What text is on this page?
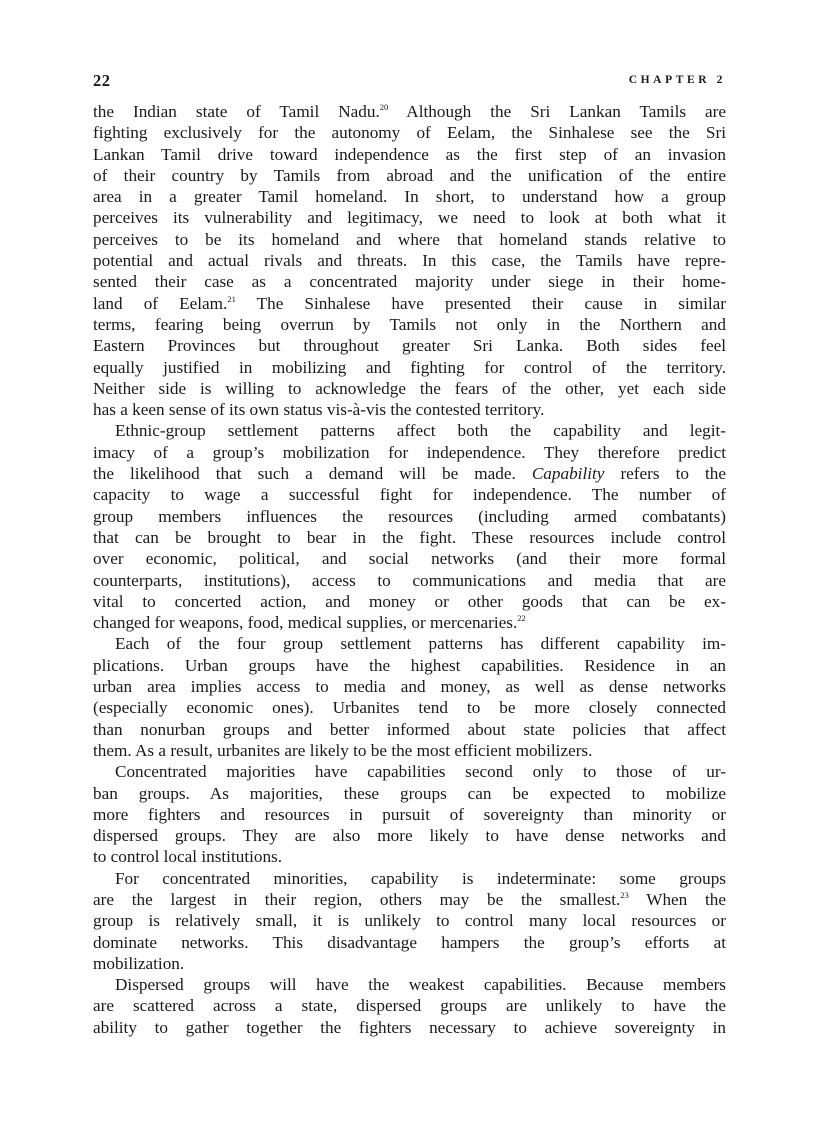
22	CHAPTER 2
the Indian state of Tamil Nadu.$^{20}$ Although the Sri Lankan Tamils are
fighting exclusively for the autonomy of Eelam, the Sinhalese see the Sri
Lankan Tamil drive toward independence as the first step of an invasion
of their country by Tamils from abroad and the unification of the entire
area in a greater Tamil homeland. In short, to understand how a group
perceives its vulnerability and legitimacy, we need to look at both what it
perceives to be its homeland and where that homeland stands relative to
potential and actual rivals and threats. In this case, the Tamils have repre-
sented their case as a concentrated majority under siege in their home-
land of Eelam.$^{21}$ The Sinhalese have presented their cause in similar
terms, fearing being overrun by Tamils not only in the Northern and
Eastern Provinces but throughout greater Sri Lanka. Both sides feel
equally justified in mobilizing and fighting for control of the territory.
Neither side is willing to acknowledge the fears of the other, yet each side
has a keen sense of its own status vis-à-vis the contested territory.
Ethnic-group settlement patterns affect both the capability and legit-
imacy of a group’s mobilization for independence. They therefore predict
the likelihood that such a demand will be made. Capability refers to the
capacity to wage a successful fight for independence. The number of
group members influences the resources (including armed combatants)
that can be brought to bear in the fight. These resources include control
over economic, political, and social networks (and their more formal
counterparts, institutions), access to communications and media that are
vital to concerted action, and money or other goods that can be ex-
changed for weapons, food, medical supplies, or mercenaries.$^{22}$
Each of the four group settlement patterns has different capability im-
plications. Urban groups have the highest capabilities. Residence in an
urban area implies access to media and money, as well as dense networks
(especially economic ones). Urbanites tend to be more closely connected
than nonurban groups and better informed about state policies that affect
them. As a result, urbanites are likely to be the most efficient mobilizers.
Concentrated majorities have capabilities second only to those of ur-
ban groups. As majorities, these groups can be expected to mobilize
more fighters and resources in pursuit of sovereignty than minority or
dispersed groups. They are also more likely to have dense networks and
to control local institutions.
For concentrated minorities, capability is indeterminate: some groups
are the largest in their region, others may be the smallest.$^{23}$ When the
group is relatively small, it is unlikely to control many local resources or
dominate networks. This disadvantage hampers the group’s efforts at
mobilization.
Dispersed groups will have the weakest capabilities. Because members
are scattered across a state, dispersed groups are unlikely to have the
ability to gather together the fighters necessary to achieve sovereignty in
